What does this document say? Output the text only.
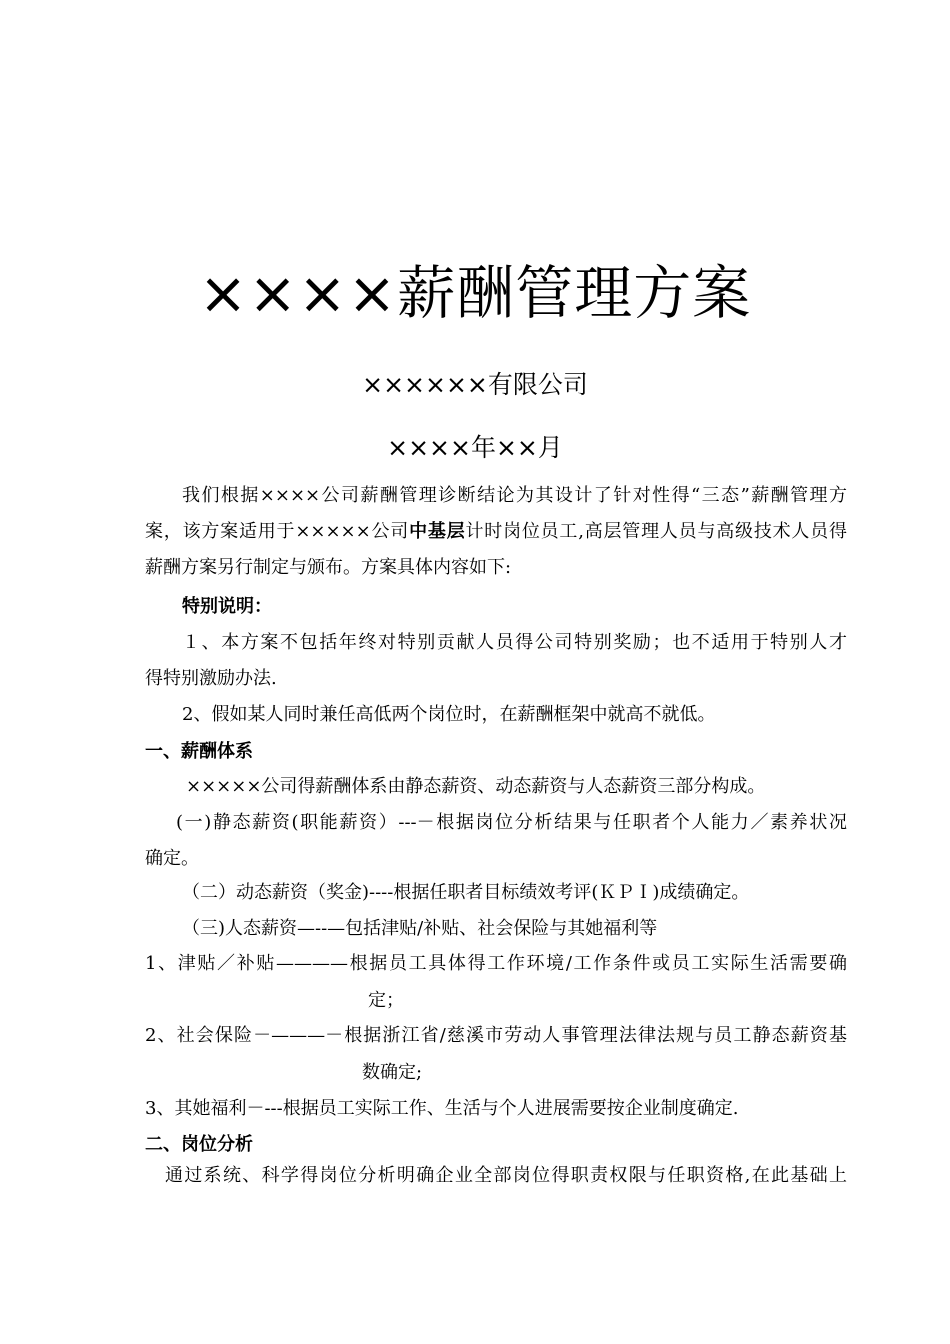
××××薪酬管理方案
××××××有限公司
××××年××月
我们根据××××公司薪酬管理诊断结论为其设计了针对性得“三态”薪酬管理方
案，该方案适用于×××××公司中基层计时岗位员工,高层管理人员与高级技术人员得
薪酬方案另行制定与颁布。方案具体内容如下:
特别说明：
１、本方案不包括年终对特别贡献人员得公司特别奖励；也不适用于特别人才
得特别激励办法.
2、假如某人同时兼任高低两个岗位时，在薪酬框架中就高不就低。
一、薪酬体系
×××××公司得薪酬体系由静态薪资、动态薪资与人态薪资三部分构成。
(一)静态薪资(职能薪资）---－根据岗位分析结果与任职者个人能力／素养状况
确定。
（二）动态薪资（奖金)----根据任职者目标绩效考评(ＫＰＩ)成绩确定。
（三)人态薪资—--—包括津贴/补贴、社会保险与其她福利等
1、津贴／补贴————根据员工具体得工作环境/工作条件或员工实际生活需要确
定；
2、社会保险－———－根据浙江省/慈溪市劳动人事管理法律法规与员工静态薪资基
数确定;
3、其她福利－---根据员工实际工作、生活与个人进展需要按企业制度确定.
二、岗位分析
通过系统、科学得岗位分析明确企业全部岗位得职责权限与任职资格,在此基础上
